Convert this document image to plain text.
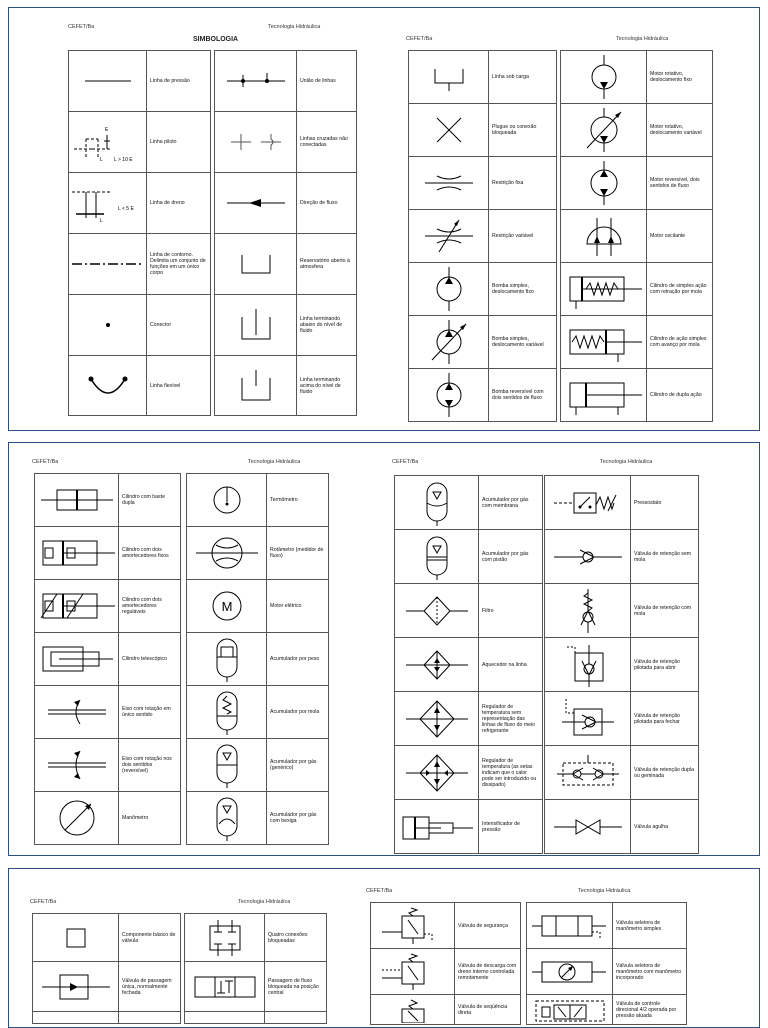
CEFET/Ba	Tecnologia Hidráulica
SIMBOLOGIA
	Linha de pressão

E
L L > 10 E	Linha piloto

L
L < 5 E	Linha de dreno

	Linha de contorno. Delimita um conjunto de funções em um único corpo

	Conector

	Linha flexível
	União de linhas

	Linhas cruzadas não conectadas

	Direção de fluxo

	Reservatório aberto à atmosfera

	Linha terminando abaixo do nível de fluido

	Linha terminando acima do nível de fluido
CEFET/Ba	Tecnologia Hidráulica
	Linha sob carga

	Plugue ou conexão bloqueada

	Restrição fixa

	Restrição variável

	Bomba simples, deslocamento fixo

	Bomba simples, deslocamento variável

	Bomba reversível com dois sentidos de fluxo
	Motor rotativo, deslocamento fixo

	Motor rotativo, deslocamento variável

	Motor reversível, dois sentidos de fluxo

	Motor oscilante

	Cilindro de simples ação com retração por mola

	Cilindro de ação simples com avanço por mola

	Cilindro de dupla ação
CEFET/Ba	Tecnologia Hidráulica
	Cilindro com haste dupla

	Cilindro com dois amortecedores fixos

	Cilindro com dois amortecedores reguláveis

	Cilindro telescópico

	Eixo com rotação em único sentido

	Eixo com rotação nos dois sentidos (reversível)

	Manômetro
	Termômetro

	Rotâmetro (medidor de fluxo)

M	Motor elétrico

	Acumulador por peso

	Acumulador por mola

	Acumulador por gás (genérico)

	Acumulador por gás com bexiga
CEFET/Ba	Tecnologia Hidráulica
	Acumulador por gás com membrana

	Acumulador por gás com pistão

	Filtro

	Aquecedor na linha

	Regulador de temperatura sem representação das linhas de fluxo do meio refrigerante

	Regulador de temperatura (as setas indicam que o calor pode ser introduzido ou dissipado)

	Intensificador de pressão
	Pressostato

	Válvula de retenção sem mola

	Válvula de retenção com mola

	Válvula de retenção pilotada para abrir

	Válvula de retenção pilotada para fechar

	Válvula de retenção dupla ou geminada

	Válvula agulha
CEFET/Ba	Tecnologia Hidráulica
	Componente básico de válvula

	Válvula de passagem única, normalmente fechada

	Quatro conexões bloqueadas

	Passagem de fluxo bloqueada na posição central

CEFET/Ba	Tecnologia Hidráulica
	Válvula de segurança

	Válvula de descarga com dreno interno controlada remotamente

	Válvula de seqüência direta
	Válvula seletora de manômetro simples

	Válvula seletora de manômetro com manômetro incorporado

	Válvula de controle direcional 4/2 operada por pressão atuada
